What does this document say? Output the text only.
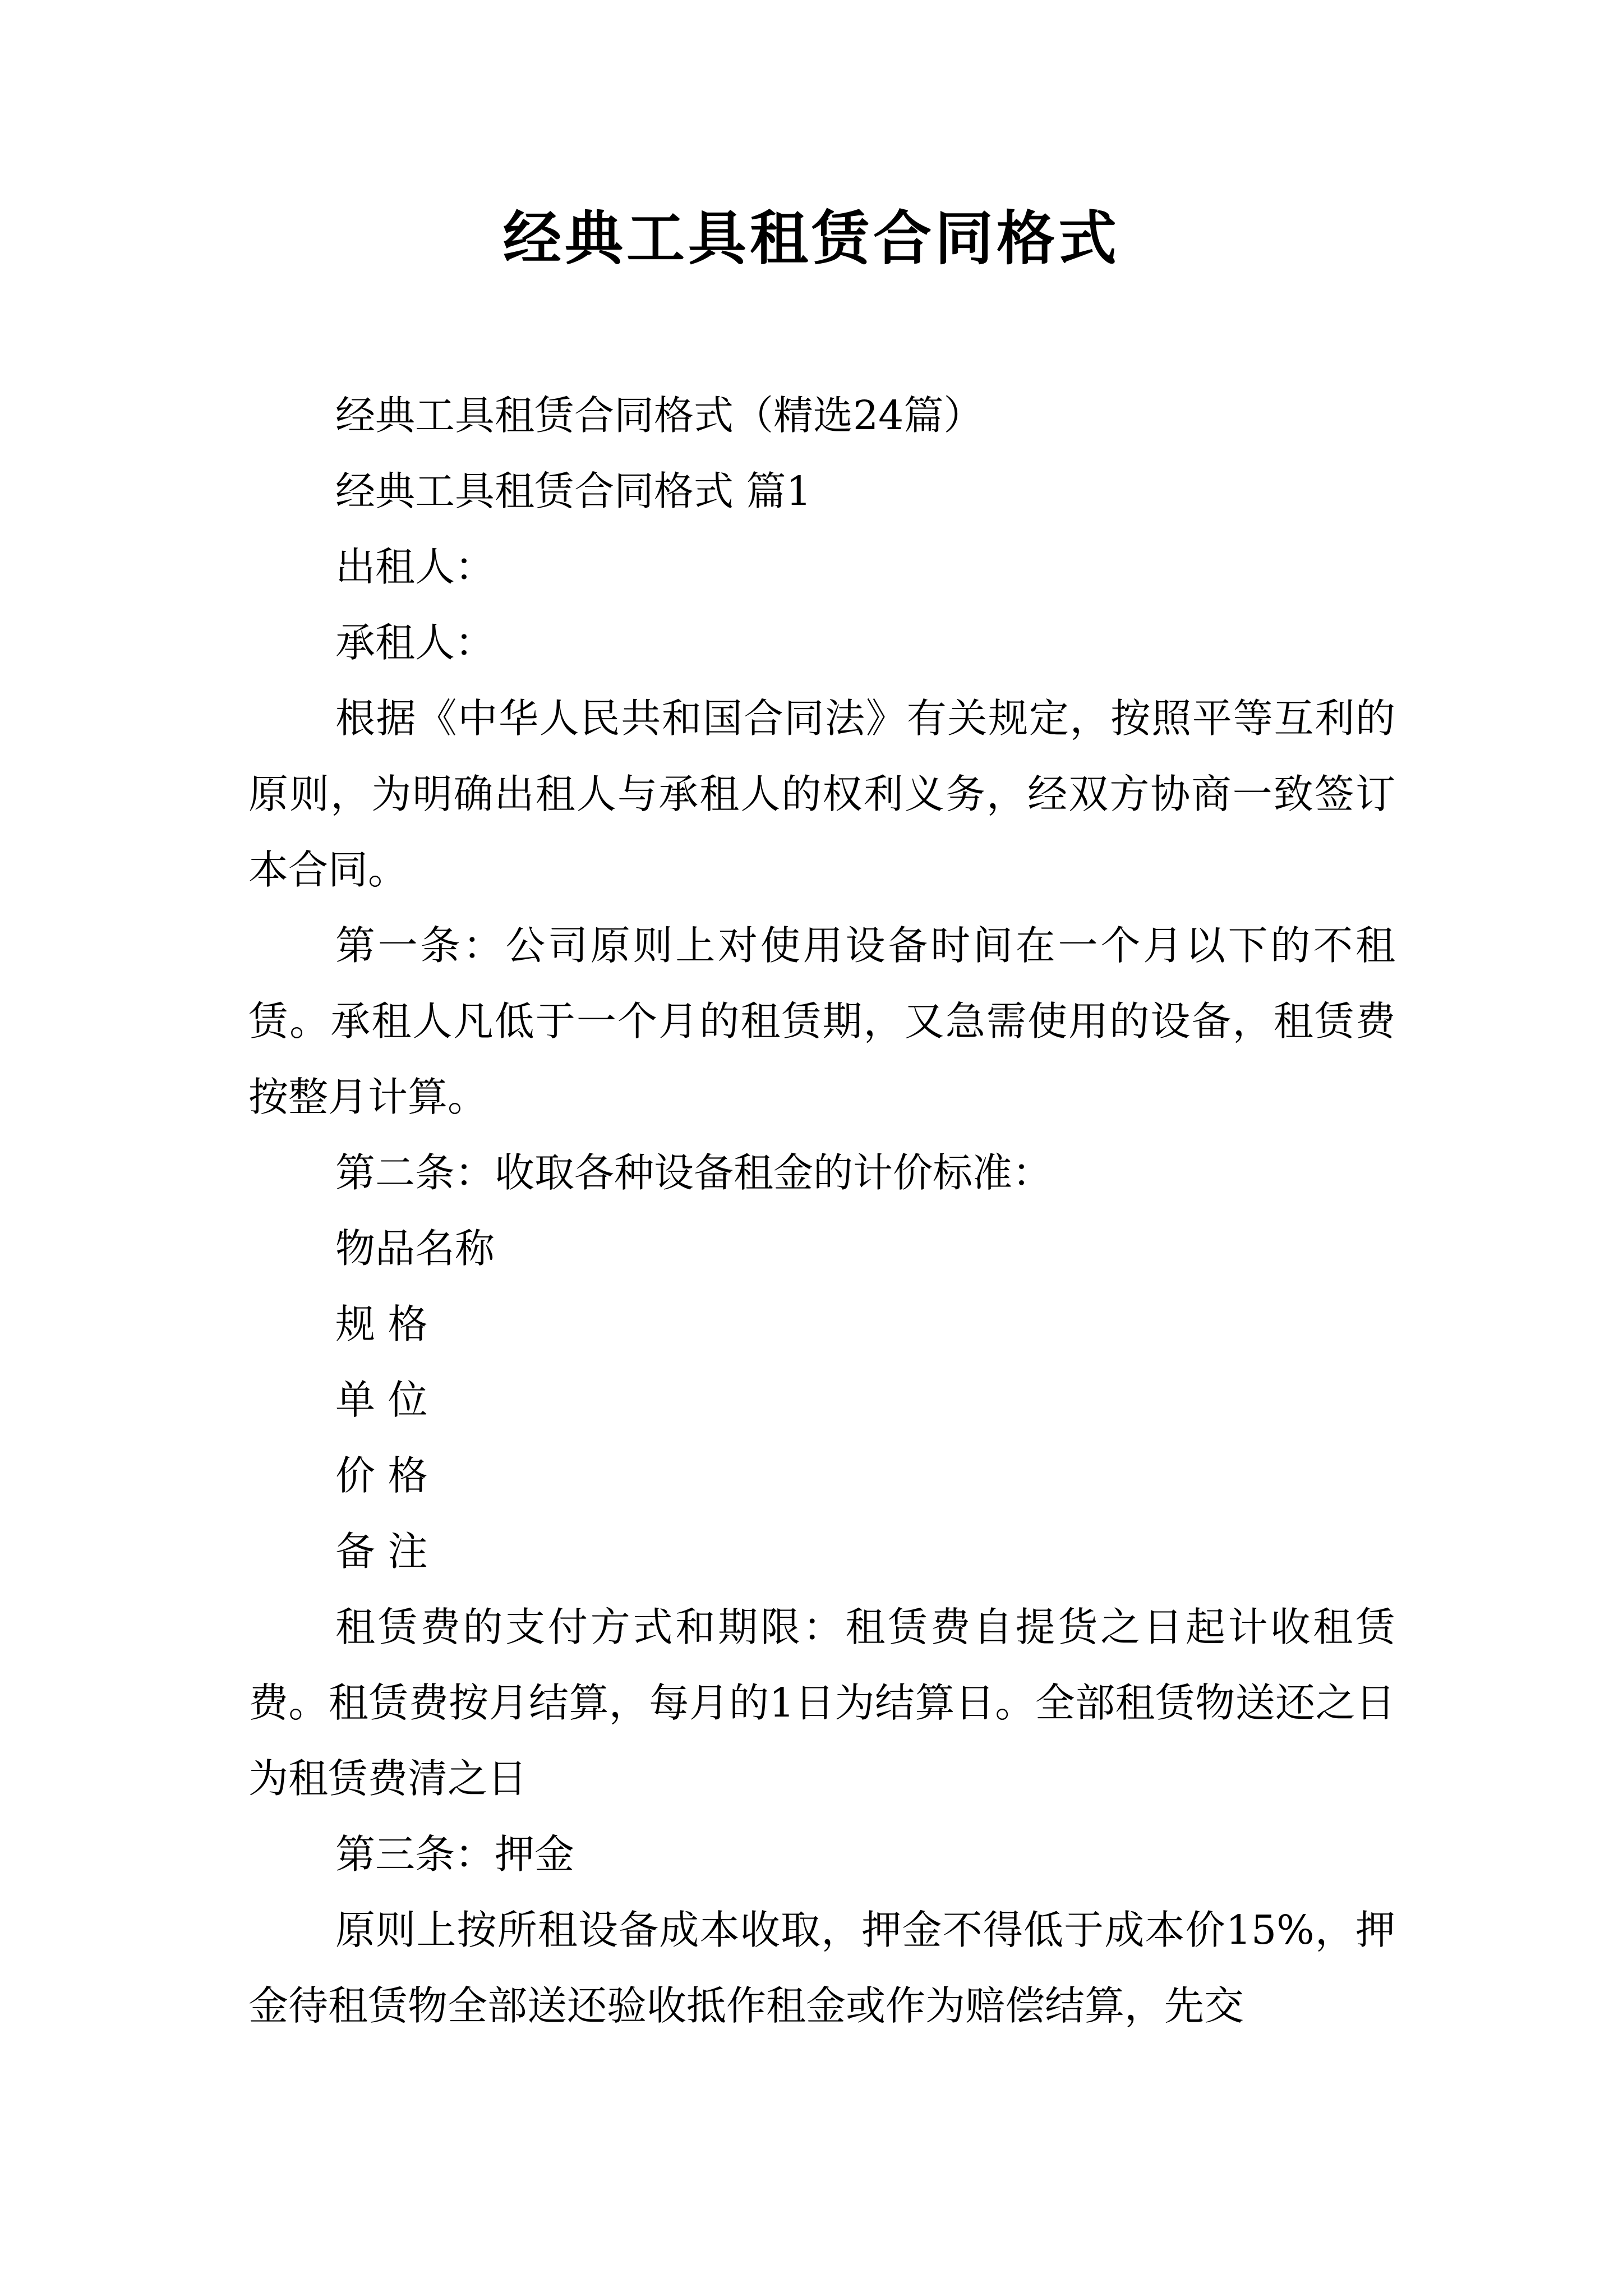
经典工具租赁合同格式

经典工具租赁合同格式（精选24篇）

经典工具租赁合同格式 篇1

出租人：

承租人：

根据《中华人民共和国合同法》有关规定，按照平等互利的原则，为明确出租人与承租人的权利义务，经双方协商一致签订本合同。

第一条：公司原则上对使用设备时间在一个月以下的不租赁。承租人凡低于一个月的租赁期，又急需使用的设备，租赁费按整月计算。

第二条：收取各种设备租金的计价标准：

物品名称

规 格

单 位

价 格

备 注

租赁费的支付方式和期限：租赁费自提货之日起计收租赁费。租赁费按月结算，每月的1日为结算日。全部租赁物送还之日为租赁费清之日

第三条：押金

原则上按所租设备成本收取，押金不得低于成本价15%，押金待租赁物全部送还验收抵作租金或作为赔偿结算，先交
